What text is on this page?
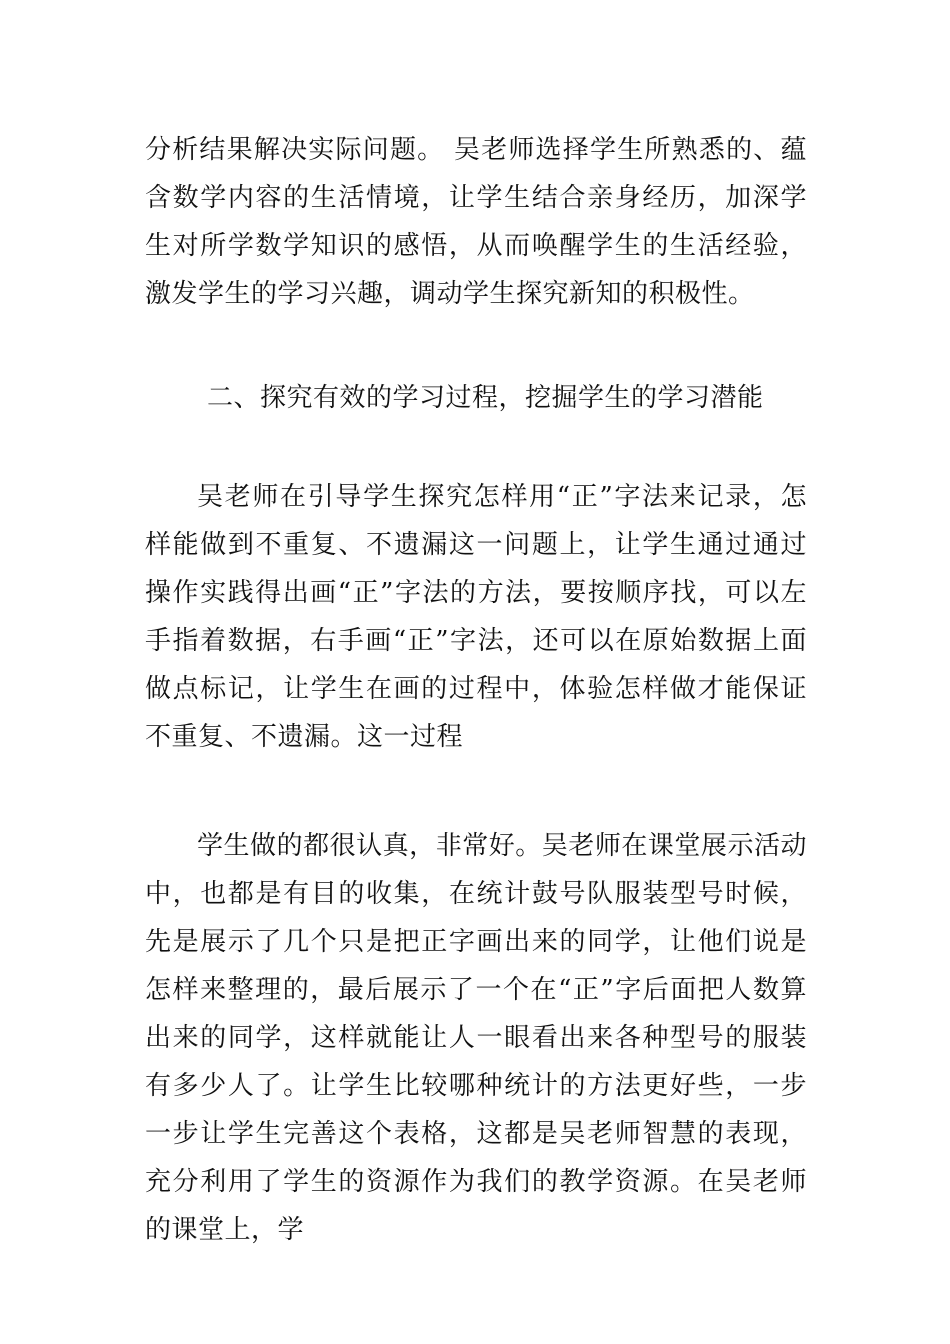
分析结果解决实际问题。 吴老师选择学生所熟悉的、蕴含数学内容的生活情境，让学生结合亲身经历，加深学生对所学数学知识的感悟，从而唤醒学生的生活经验，激发学生的学习兴趣，调动学生探究新知的积极性。

二、探究有效的学习过程，挖掘学生的学习潜能

吴老师在引导学生探究怎样用“正”字法来记录，怎样能做到不重复、不遗漏这一问题上，让学生通过通过操作实践得出画“正”字法的方法，要按顺序找，可以左手指着数据，右手画“正”字法，还可以在原始数据上面做点标记，让学生在画的过程中，体验怎样做才能保证不重复、不遗漏。这一过程

学生做的都很认真，非常好。吴老师在课堂展示活动中，也都是有目的收集，在统计鼓号队服装型号时候，先是展示了几个只是把正字画出来的同学，让他们说是怎样来整理的，最后展示了一个在“正”字后面把人数算出来的同学，这样就能让人一眼看出来各种型号的服装有多少人了。让学生比较哪种统计的方法更好些，一步一步让学生完善这个表格，这都是吴老师智慧的表现，充分利用了学生的资源作为我们的教学资源。在吴老师的课堂上，学
